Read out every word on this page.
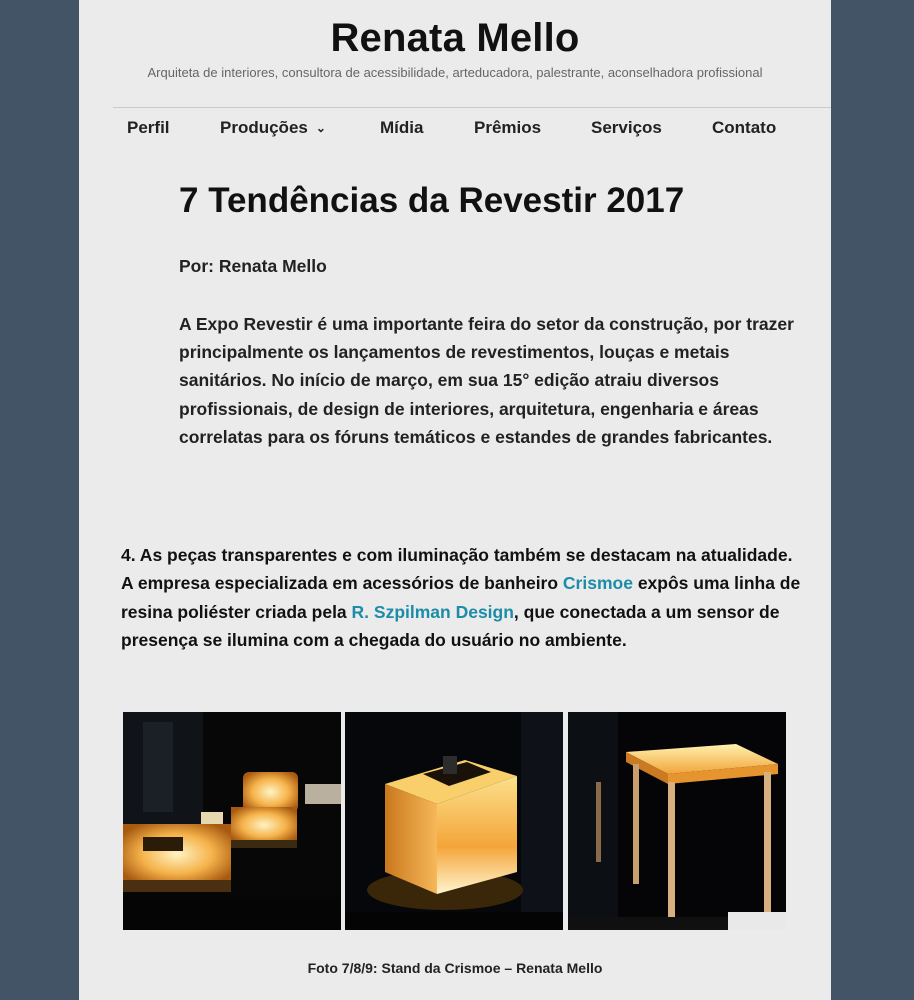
Renata Mello
Arquiteta de interiores, consultora de acessibilidade, arteducadora, palestrante, aconselhadora profissional
Perfil	Produções ⌄	Mídia	Prêmios	Serviços	Contato
7 Tendências da Revestir 2017
Por: Renata Mello

A Expo Revestir é uma importante feira do setor da construção, por trazer principalmente os lançamentos de revestimentos, louças e metais sanitários. No início de março, em sua 15° edição atraiu diversos profissionais, de design de interiores, arquitetura, engenharia e áreas correlatas para os fóruns temáticos e estandes de grandes fabricantes.

4. As peças transparentes e com iluminação também se destacam na atualidade. A empresa especializada em acessórios de banheiro Crismoe expôs uma linha de resina poliéster criada pela R. Szpilman Design, que conectada a um sensor de presença se ilumina com a chegada do usuário no ambiente.

Foto 7/8/9: Stand da Crismoe – Renata Mello
